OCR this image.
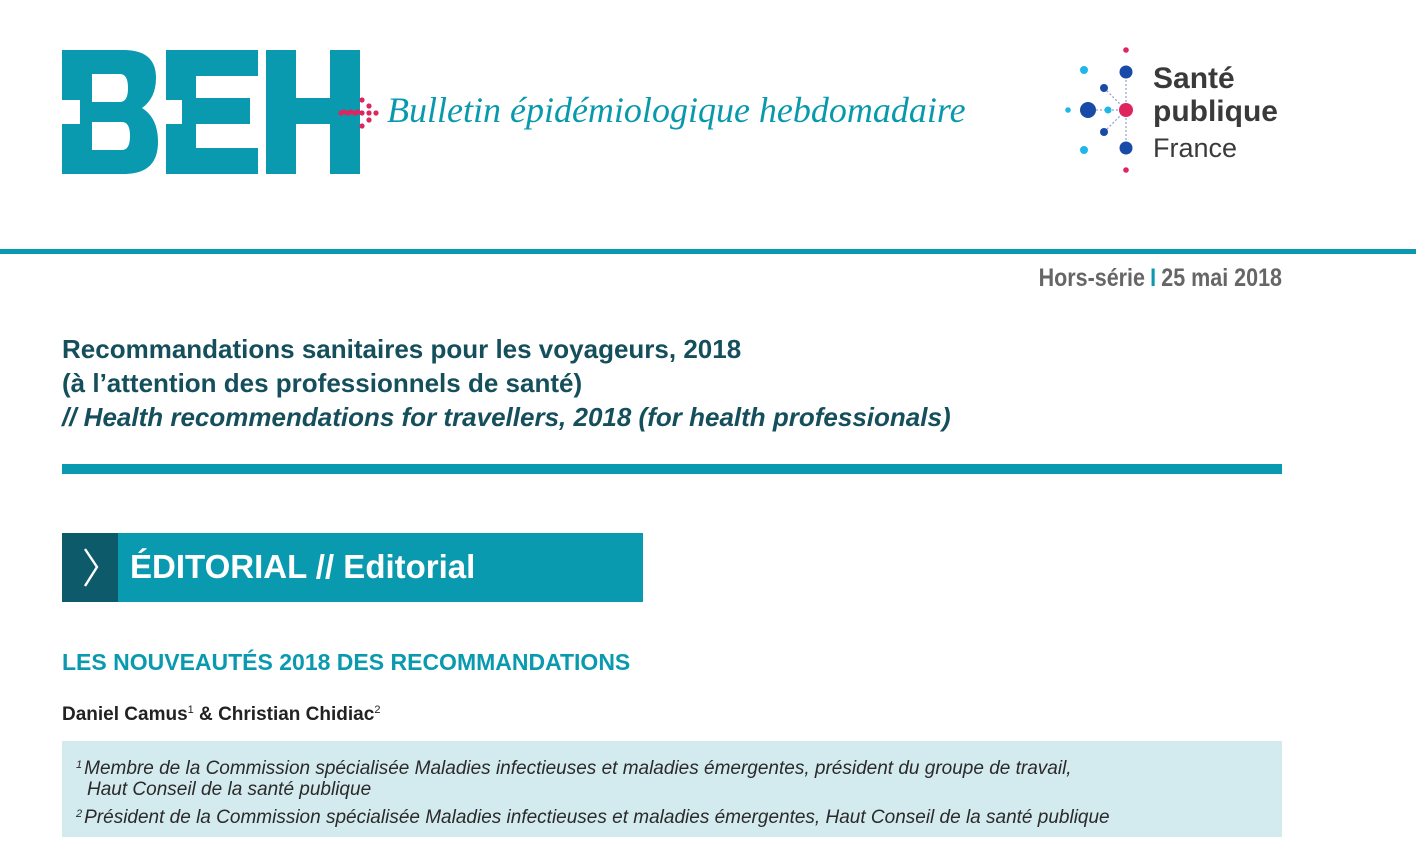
Bulletin épidémiologique hebdomadaire

Santé
publique
France
Hors-série I 25 mai 2018
Recommandations sanitaires pour les voyageurs, 2018
(à l’attention des professionnels de santé)
// Health recommendations for travellers, 2018 (for health professionals)
ÉDITORIAL // Editorial
LES NOUVEAUTÉS 2018 DES RECOMMANDATIONS
Daniel Camus$^1$ & Christian Chidiac$^2$
$^1$ Membre de la Commission spécialisée Maladies infectieuses et maladies émergentes, président du groupe de travail,
Haut Conseil de la santé publique
$^2$ Président de la Commission spécialisée Maladies infectieuses et maladies émergentes, Haut Conseil de la santé publique
